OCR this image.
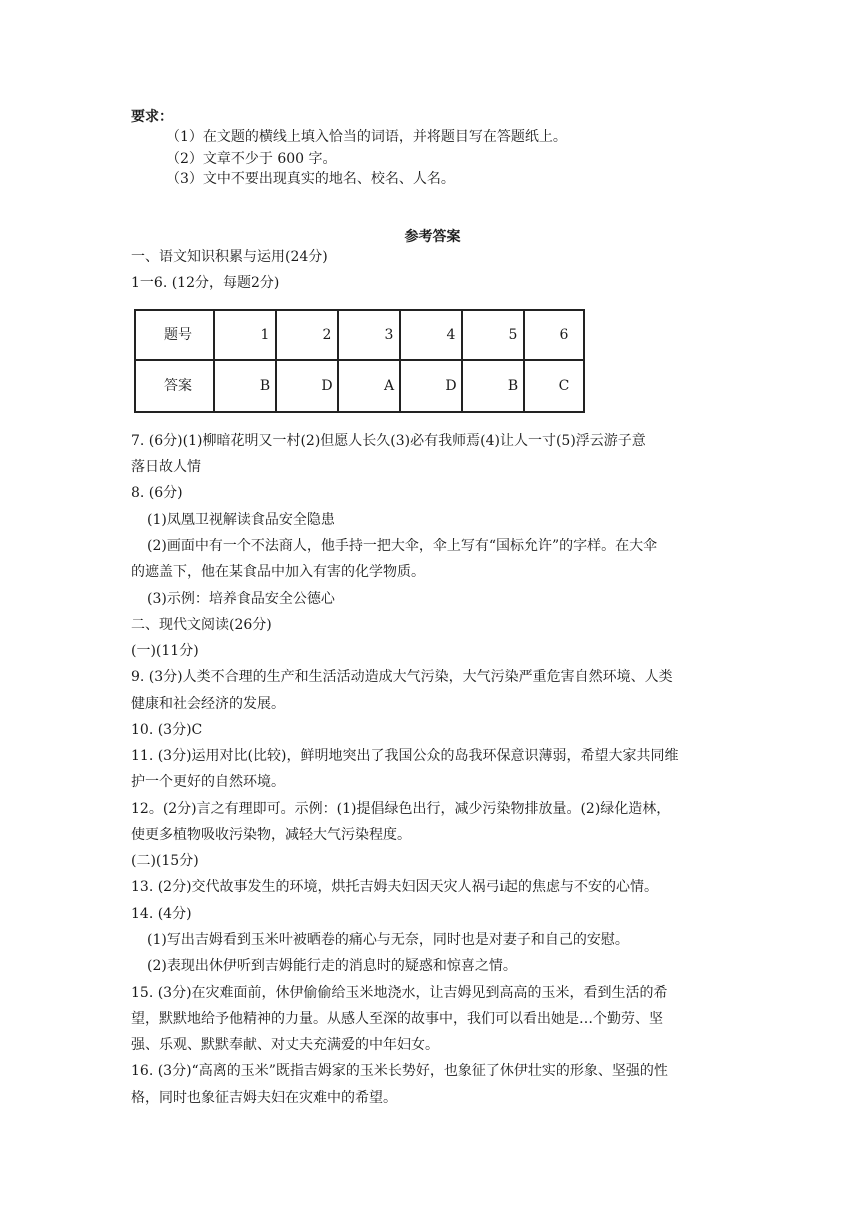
要求：
（1）在文题的横线上填入恰当的词语，并将题目写在答题纸上。
（2）文章不少于 600 字。
（3）文中不要出现真实的地名、校名、人名。
参考答案
一、语文知识积累与运用(24分)
1一6. (12分，每题2分)
题号	1	2	3	4	5	6
答案	B	D	A	D	B	C
7. (6分)(1)柳暗花明又一村(2)但愿人长久(3)必有我师焉(4)让人一寸(5)浮云游子意
落日故人情
8. (6分)
(1)凤凰卫视解读食品安全隐患
(2)画面中有一个不法商人，他手持一把大伞，伞上写有“国标允许”的字样。在大伞
的遮盖下，他在某食品中加入有害的化学物质。
(3)示例：培养食品安全公德心
二、现代文阅读(26分)
(一)(11分)
9. (3分)人类不合理的生产和生活活动造成大气污染，大气污染严重危害自然环境、人类
健康和社会经济的发展。
10. (3分)C
11. (3分)运用对比(比较)，鲜明地突出了我国公众的岛我环保意识薄弱，希望大家共同维
护一个更好的自然环境。
12。(2分)言之有理即可。示例：(1)提倡绿色出行，减少污染物排放量。(2)绿化造林，
使更多植物吸收污染物，减轻大气污染程度。
(二)(15分)
13. (2分)交代故事发生的环境，烘托吉姆夫妇因天灾人祸弓i起的焦虑与不安的心情。
14. (4分)
(1)写出吉姆看到玉米叶被晒卷的痛心与无奈，同时也是对妻子和自己的安慰。
(2)表现出休伊听到吉姆能行走的消息时的疑惑和惊喜之情。
15. (3分)在灾难面前，休伊偷偷给玉米地浇水，让吉姆见到高高的玉米，看到生活的希
望，默默地给予他精神的力量。从感人至深的故事中，我们可以看出她是…个勤劳、坚
强、乐观、默默奉献、对丈夫充满爱的中年妇女。
16. (3分)“高离的玉米”既指吉姆家的玉米长势好，也象征了休伊壮实的形象、坚强的性
格，同时也象征吉姆夫妇在灾难中的希望。
